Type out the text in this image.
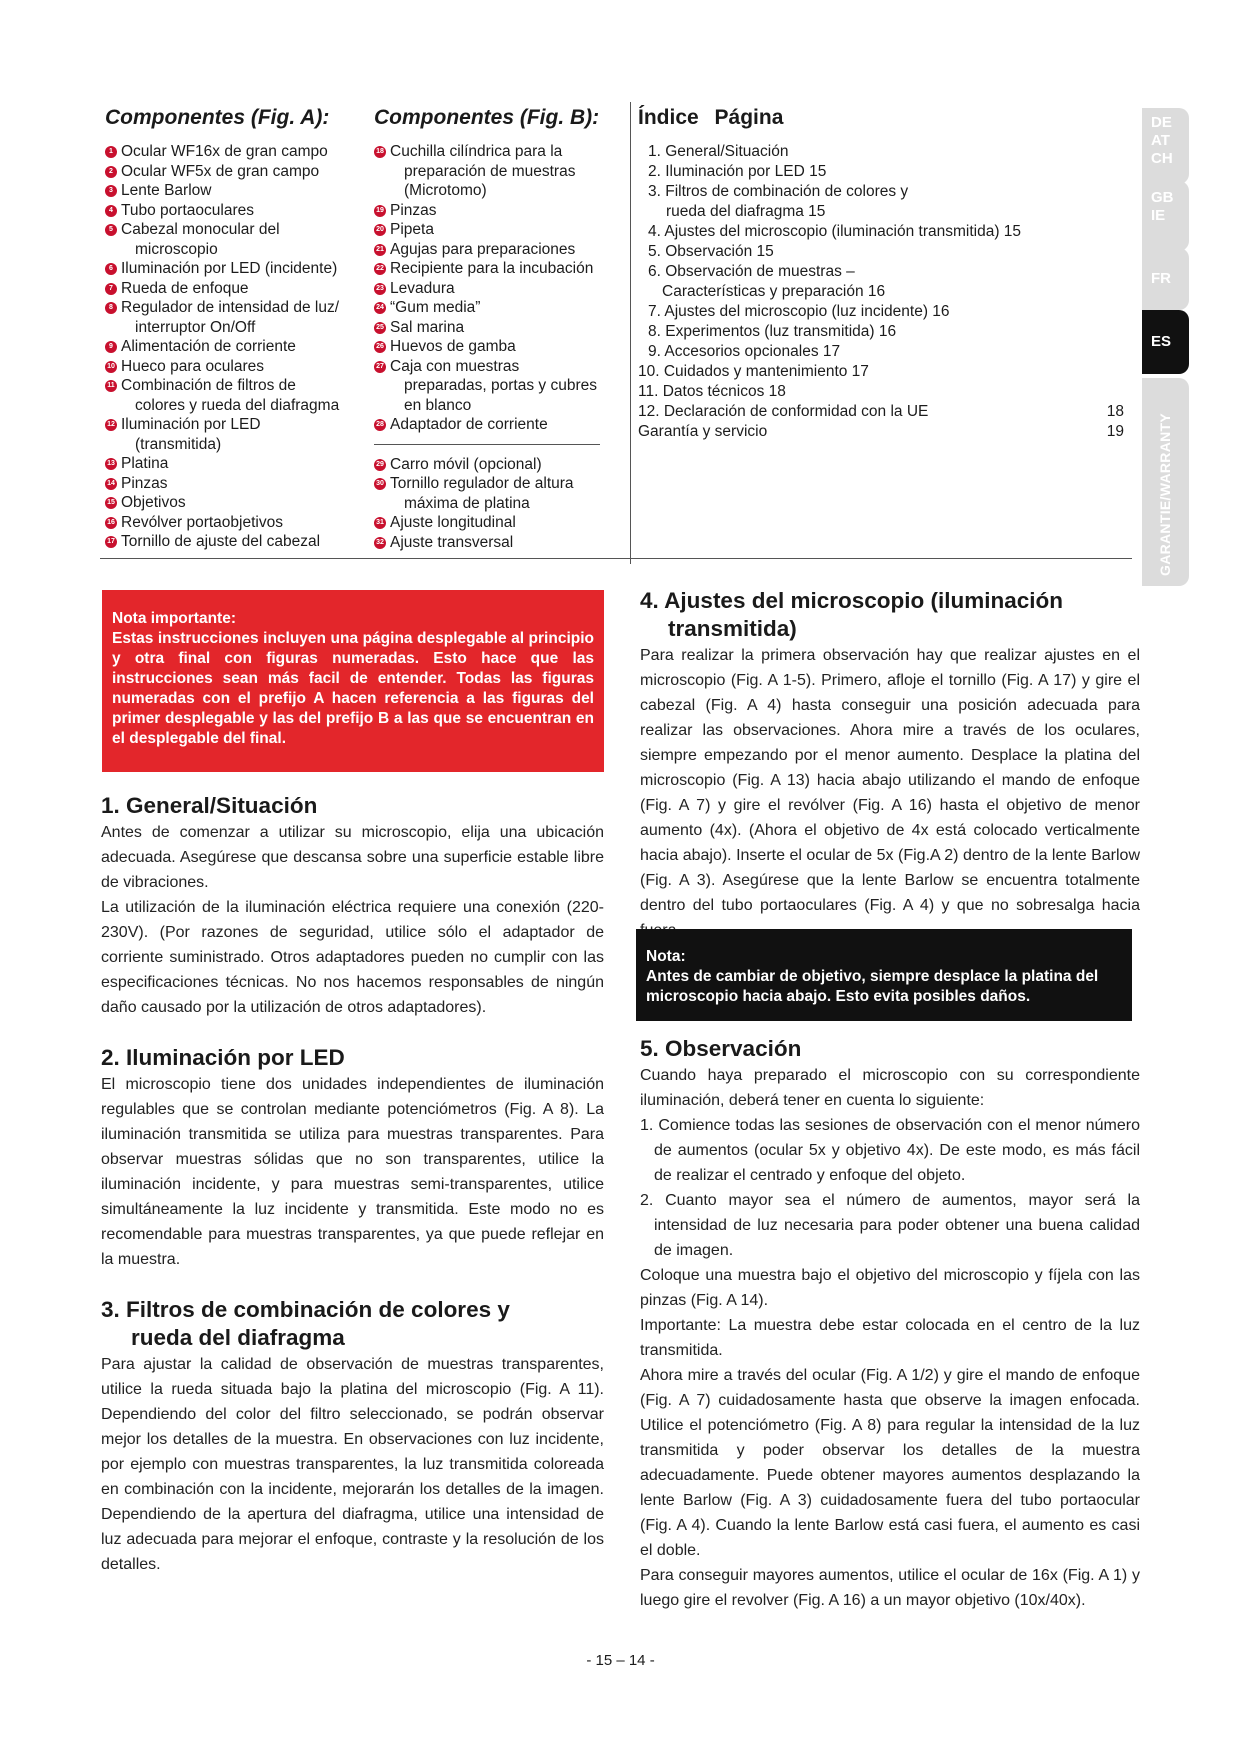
Componentes (Fig. A):
1 Ocular WF16x de gran campo
2 Ocular WF5x de gran campo
3 Lente Barlow
4 Tubo portaoculares
5 Cabezal monocular del
microscopio
6 Iluminación por LED (incidente)
7 Rueda de enfoque
8 Regulador de intensidad de luz/
interruptor On/Off
9 Alimentación de corriente
10 Hueco para oculares
11 Combinación de filtros de
colores y rueda del diafragma
12 Iluminación por LED
(transmitida)
13 Platina
14 Pinzas
15 Objetivos
16 Revólver portaobjetivos
17 Tornillo de ajuste del cabezal
Componentes (Fig. B):
18 Cuchilla cilíndrica para la
preparación de muestras
(Microtomo)
19 Pinzas
20 Pipeta
21 Agujas para preparaciones
22 Recipiente para la incubación
23 Levadura
24 “Gum media”
25 Sal marina
26 Huevos de gamba
27 Caja con muestras
preparadas, portas y cubres
en blanco
28 Adaptador de corriente
29 Carro móvil (opcional)
30 Tornillo regulador de altura
máxima de platina
31 Ajuste longitudinal
32 Ajuste transversal
Índice Página
1. General/Situación
2. Iluminación por LED 15
3. Filtros de combinación de colores y
rueda del diafragma 15
4. Ajustes del microscopio (iluminación transmitida) 15
5. Observación 15
6. Observación de muestras –
Características y preparación 16
7. Ajustes del microscopio (luz incidente) 16
8. Experimentos (luz transmitida) 16
9. Accesorios opcionales 17
10. Cuidados y mantenimiento 17
11. Datos técnicos 18
12. Declaración de conformidad con la UE	18
Garantía y servicio	19
DE
AT
CH
GB
IE
FR
ES
GARANTIE/WARRANTY
Nota importante:
Estas instrucciones incluyen una página desplegable al principio y otra final con figuras numeradas. Esto hace que las instrucciones sean más facil de entender. Todas las figuras numeradas con el prefijo A hacen referencia a las figuras del primer desplegable y las del prefijo B a las que se encuentran en el desplegable del final.
1. General/Situación

Antes de comenzar a utilizar su microscopio, elija una ubicación adecuada. Asegúrese que descansa sobre una superficie estable libre de vibraciones.

La utilización de la iluminación eléctrica requiere una conexión (220-230V). (Por razones de seguridad, utilice sólo el adaptador de corriente suministrado. Otros adaptadores pueden no cumplir con las especificaciones técnicas. No nos hacemos responsables de ningún daño causado por la utilización de otros adaptadores).

2. Iluminación por LED

El microscopio tiene dos unidades independientes de iluminación regulables que se controlan mediante potenciómetros (Fig. A 8). La iluminación transmitida se utiliza para muestras transparentes. Para observar muestras sólidas que no son transparentes, utilice la iluminación incidente, y para muestras semi-transparentes, utilice simultáneamente la luz incidente y transmitida. Este modo no es recomendable para muestras transparentes, ya que puede reflejar en la muestra.

3. Filtros de combinación de colores y
rueda del diafragma

Para ajustar la calidad de observación de muestras transparentes, utilice la rueda situada bajo la platina del microscopio (Fig. A 11). Dependiendo del color del filtro seleccionado, se podrán observar mejor los detalles de la muestra. En observaciones con luz incidente, por ejemplo con muestras transparentes, la luz transmitida coloreada en combinación con la incidente, mejorarán los detalles de la imagen. Dependiendo de la apertura del diafragma, utilice una intensidad de luz adecuada para mejorar el enfoque, contraste y la resolución de los detalles.

4. Ajustes del microscopio (iluminación
transmitida)

Para realizar la primera observación hay que realizar ajustes en el microscopio (Fig. A 1-5). Primero, afloje el tornillo (Fig. A 17) y gire el cabezal (Fig. A 4) hasta conseguir una posición adecuada para realizar las observaciones. Ahora mire a través de los oculares, siempre empezando por el menor aumento. Desplace la platina del microscopio (Fig. A 13) hacia abajo utilizando el mando de enfoque (Fig. A 7) y gire el revólver (Fig. A 16) hasta el objetivo de menor aumento (4x). (Ahora el objetivo de 4x está colocado verticalmente hacia abajo). Inserte el ocular de 5x (Fig.A 2) dentro de la lente Barlow (Fig. A 3). Asegúrese que la lente Barlow se encuentra totalmente dentro del tubo portaoculares (Fig. A 4) y que no sobresalga hacia

Nota:
Antes de cambiar de objetivo, siempre desplace la platina del microscopio hacia abajo. Esto evita posibles daños.
5. Observación

Cuando haya preparado el microscopio con su correspondiente iluminación, deberá tener en cuenta lo siguiente:

1. Comience todas las sesiones de observación con el menor número de aumentos (ocular 5x y objetivo 4x). De este modo, es más fácil de realizar el centrado y enfoque del objeto.

2. Cuanto mayor sea el número de aumentos, mayor será la intensidad de luz necesaria para poder obtener una buena calidad de imagen.

Coloque una muestra bajo el objetivo del microscopio y fíjela con las pinzas (Fig. A 14).

Importante: La muestra debe estar colocada en el centro de la luz transmitida.

Ahora mire a través del ocular (Fig. A 1/2) y gire el mando de enfoque (Fig. A 7) cuidadosamente hasta que observe la imagen enfocada. Utilice el potenciómetro (Fig. A 8) para regular la intensidad de la luz transmitida y poder observar los detalles de la muestra adecuadamente. Puede obtener mayores aumentos desplazando la lente Barlow (Fig. A 3) cuidadosamente fuera del tubo portaocular (Fig. A 4). Cuando la lente Barlow está casi fuera, el aumento es casi el doble.

Para conseguir mayores aumentos, utilice el ocular de 16x (Fig. A 1) y luego gire el revolver (Fig. A 16) a un mayor objetivo (10x/40x).

- 15 – 14 -
